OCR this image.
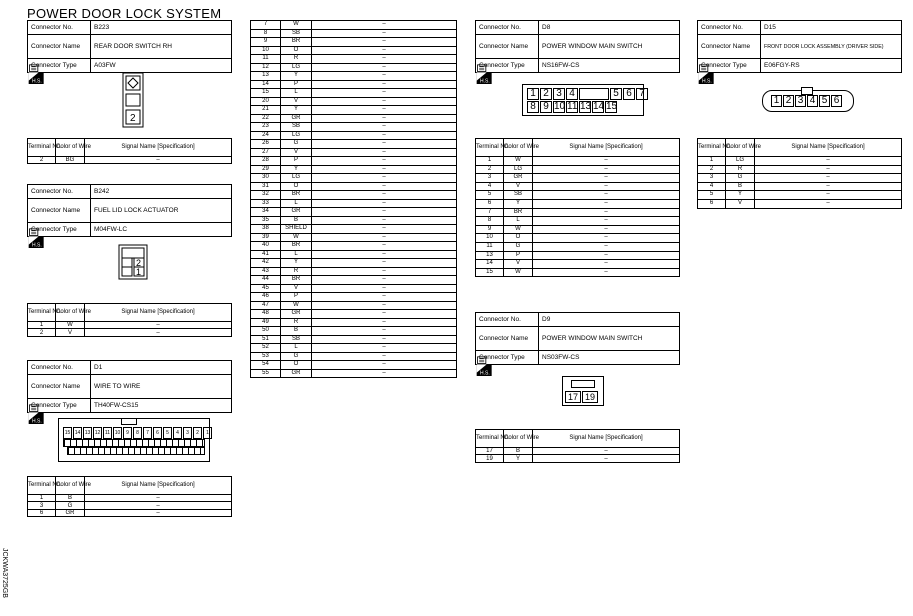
POWER DOOR LOCK SYSTEM
JCKWA3725GB
Connector No.	B223
Connector Name	REAR DOOR SWITCH RH
Connector Type	A03FW
H.S.
2
Terminal No.	Color of Wire	Signal Name [Specification]
2	BG	–
Connector No.	B242
Connector Name	FUEL LID LOCK ACTUATOR
Connector Type	M04FW-LC
H.S.
2
1
Terminal No.	Color of Wire	Signal Name [Specification]
1	W	–
2	V	–
Connector No.	D1
Connector Name	WIRE TO WIRE
Connector Type	TH40FW-CS15
H.S.
15 14 13 12 11 10	9	8	7	6	5	4	3	2	1
Terminal No.	Color of Wire	Signal Name [Specification]
1	B	–
3	G	–
6	GR	–
7	W	–
8	SB	–
9	BR	–
10	O	–
11	R	–
12	LG	–
13	Y	–
14	P	–
15	L	–
20	V	–
21	Y	–
22	GR	–
23	SB	–
24	LG	–
26	G	–
27	V	–
28	P	–
29	Y	–
30	LG	–
31	O	–
32	BR	–
33	L	–
34	GR	–
35	B	–
38	SHIELD	–
39	W	–
40	BR	–
41	L	–
42	Y	–
43	R	–
44	BR	–
45	V	–
46	P	–
47	W	–
48	GR	–
49	R	–
50	B	–
51	SB	–
52	L	–
53	G	–
54	O	–
55	GR	–
Connector No.	D8
Connector Name	POWER WINDOW MAIN SWITCH
Connector Type	NS16FW-CS
H.S.
1 2 3 4	5 6 7
8 9 10 11 13 14 15
Terminal No.	Color of Wire	Signal Name [Specification]
1	W	–
2	LG	–
3	GR	–
4	V	–
5	SB	–
6	Y	–
7	BR	–
8	L	–
9	W	–
10	O	–
11	G	–
13	P	–
14	V	–
15	W	–
Connector No.	D9
Connector Name	POWER WINDOW MAIN SWITCH
Connector Type	NS03FW-CS
H.S.
17 19
Terminal No.	Color of Wire	Signal Name [Specification]
17	B	–
19	Y	–
Connector No.	D15
Connector Name	FRONT DOOR LOCK ASSEMBLY (DRIVER SIDE)
Connector Type	E06FGY-RS
H.S.
1 2 3 4 5 6
Terminal No.	Color of Wire	Signal Name [Specification]
1	LG	–
2	R	–
3	G	–
4	B	–
5	Y	–
6	V	–
